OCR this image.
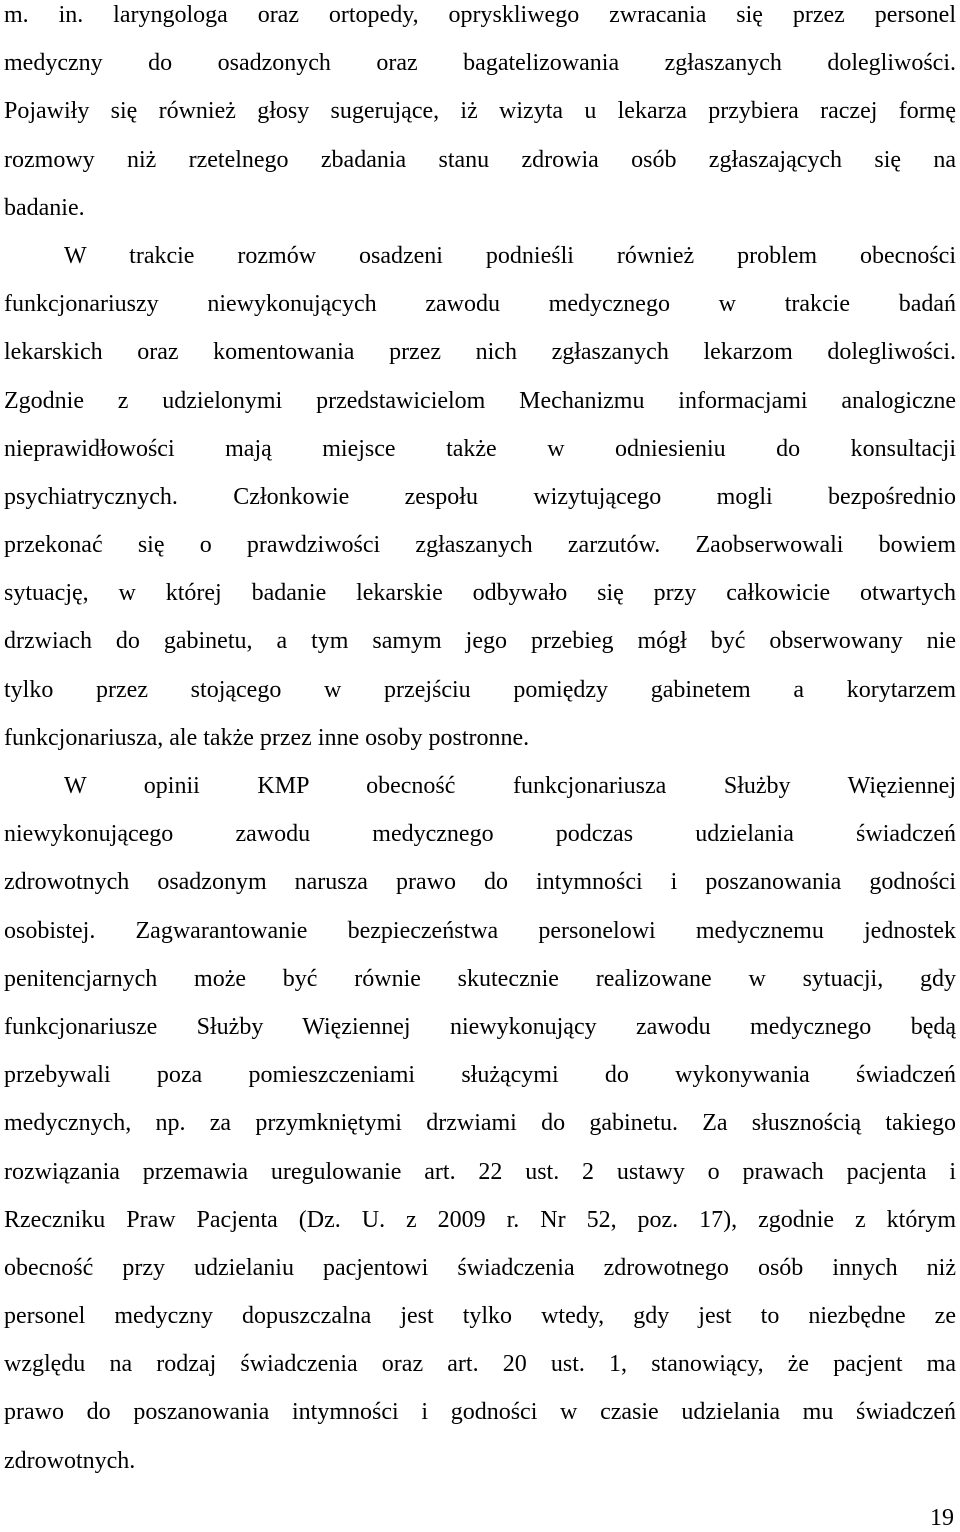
m. in. laryngologa oraz ortopedy, opryskliwego zwracania się przez personel
medyczny do osadzonych oraz bagatelizowania zgłaszanych dolegliwości.
Pojawiły się również głosy sugerujące, iż wizyta u lekarza przybiera raczej formę
rozmowy niż rzetelnego zbadania stanu zdrowia osób zgłaszających się na
badanie.
W trakcie rozmów osadzeni podnieśli również problem obecności
funkcjonariuszy niewykonujących zawodu medycznego w trakcie badań
lekarskich oraz komentowania przez nich zgłaszanych lekarzom dolegliwości.
Zgodnie z udzielonymi przedstawicielom Mechanizmu informacjami analogiczne
nieprawidłowości mają miejsce także w odniesieniu do konsultacji
psychiatrycznych. Członkowie zespołu wizytującego mogli bezpośrednio
przekonać się o prawdziwości zgłaszanych zarzutów. Zaobserwowali bowiem
sytuację, w której badanie lekarskie odbywało się przy całkowicie otwartych
drzwiach do gabinetu, a tym samym jego przebieg mógł być obserwowany nie
tylko przez stojącego w przejściu pomiędzy gabinetem a korytarzem
funkcjonariusza, ale także przez inne osoby postronne.
W opinii KMP obecność funkcjonariusza Służby Więziennej
niewykonującego zawodu medycznego podczas udzielania świadczeń
zdrowotnych osadzonym narusza prawo do intymności i poszanowania godności
osobistej. Zagwarantowanie bezpieczeństwa personelowi medycznemu jednostek
penitencjarnych może być równie skutecznie realizowane w sytuacji, gdy
funkcjonariusze Służby Więziennej niewykonujący zawodu medycznego będą
przebywali poza pomieszczeniami służącymi do wykonywania świadczeń
medycznych, np. za przymkniętymi drzwiami do gabinetu. Za słusznością takiego
rozwiązania przemawia uregulowanie art. 22 ust. 2 ustawy o prawach pacjenta i
Rzeczniku Praw Pacjenta (Dz. U. z 2009 r. Nr 52, poz. 17), zgodnie z którym
obecność przy udzielaniu pacjentowi świadczenia zdrowotnego osób innych niż
personel medyczny dopuszczalna jest tylko wtedy, gdy jest to niezbędne ze
względu na rodzaj świadczenia oraz art. 20 ust. 1, stanowiący, że pacjent ma
prawo do poszanowania intymności i godności w czasie udzielania mu świadczeń
zdrowotnych.
19
